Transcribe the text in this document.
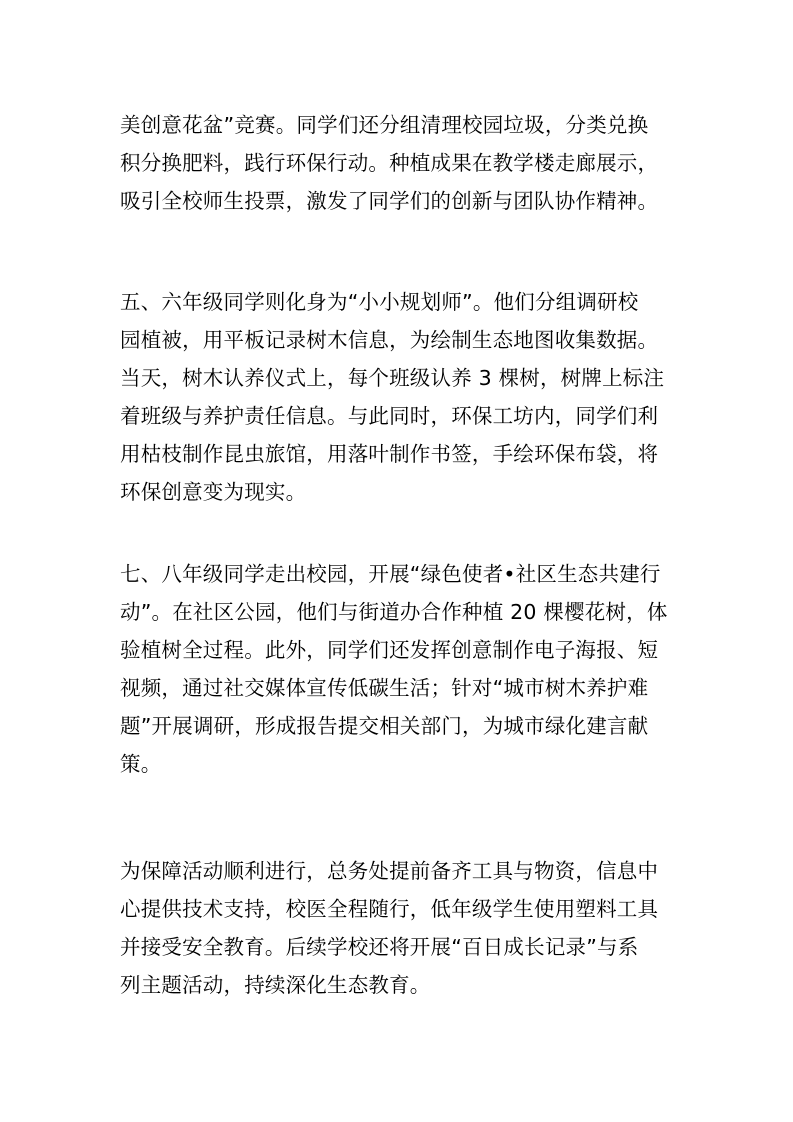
美创意花盆”竞赛。同学们还分组清理校园垃圾，分类兑换
积分换肥料，践行环保行动。种植成果在教学楼走廊展示，
吸引全校师生投票，激发了同学们的创新与团队协作精神。
五、六年级同学则化身为“小小规划师”。他们分组调研校
园植被，用平板记录树木信息，为绘制生态地图收集数据。
当天，树木认养仪式上，每个班级认养 3 棵树，树牌上标注
着班级与养护责任信息。与此同时，环保工坊内，同学们利
用枯枝制作昆虫旅馆，用落叶制作书签，手绘环保布袋，将
环保创意变为现实。
七、八年级同学走出校园，开展“绿色使者•社区生态共建行
动”。在社区公园，他们与街道办合作种植 20 棵樱花树，体
验植树全过程。此外，同学们还发挥创意制作电子海报、短
视频，通过社交媒体宣传低碳生活；针对“城市树木养护难
题”开展调研，形成报告提交相关部门，为城市绿化建言献
策。
为保障活动顺利进行，总务处提前备齐工具与物资，信息中
心提供技术支持，校医全程随行，低年级学生使用塑料工具
并接受安全教育。后续学校还将开展“百日成长记录”与系
列主题活动，持续深化生态教育。
